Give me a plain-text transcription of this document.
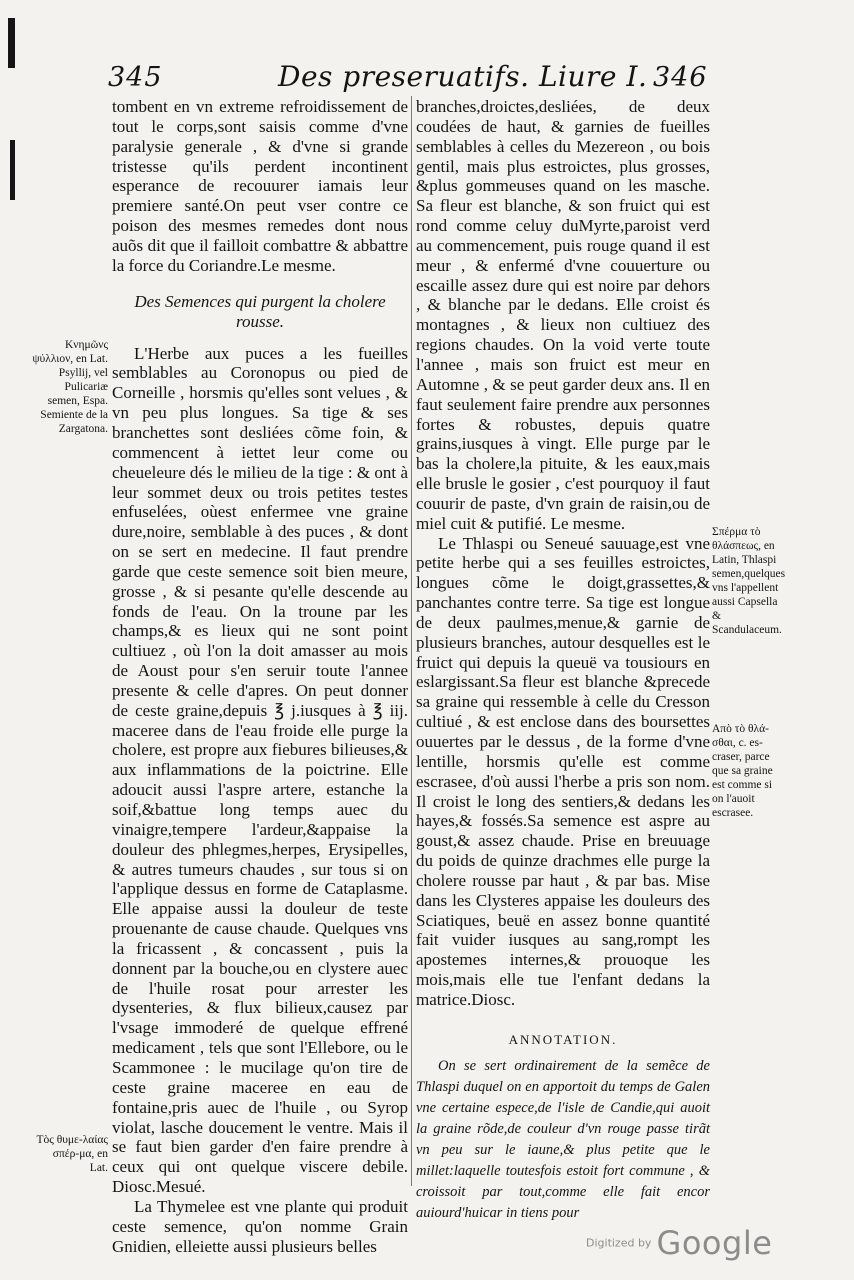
345	Des preseruatifs. Liure I. 346

tombent en vn extreme refroidissement de tout le corps,sont saisis comme d'vne paralysie generale , & d'vne si grande tristesse qu'ils perdent incontinent esperance de recouurer iamais leur premiere santé.On peut vser contre ce poison des mesmes remedes dont nous auõs dit que il failloit combattre & abbattre la force du Coriandre.Le mesme.

Des Semences qui purgent la cholere rousse.

L'Herbe aux puces a les fueilles semblables au Coronopus ou pied de Corneille , horsmis qu'elles sont velues , & vn peu plus longues. Sa tige & ses branchettes sont desliées cõme foin, & commencent à iettet leur come ou cheueleure dés le milieu de la tige : & ont à leur sommet deux ou trois petites testes enfuselées, oùest enfermee vne graine dure,noire, semblable à des puces , & dont on se sert en medecine. Il faut prendre garde que ceste semence soit bien meure, grosse , & si pesante qu'elle descende au fonds de l'eau. On la troune par les champs,& es lieux qui ne sont point cultiuez , où l'on la doit amasser au mois de Aoust pour s'en seruir toute l'annee presente & celle d'apres. On peut donner de ceste graine,depuis ℥ j.iusques à ℥ iij. maceree dans de l'eau froide elle purge la cholere, est propre aux fiebures bilieuses,& aux inflammations de la poictrine. Elle adoucit aussi l'aspre artere, estanche la soif,&battue long temps auec du vinaigre,tempere l'ardeur,&appaise la douleur des phlegmes,herpes, Erysipelles, & autres tumeurs chaudes , sur tous si on l'applique dessus en forme de Cataplasme. Elle appaise aussi la douleur de teste prouenante de cause chaude. Quelques vns la fricassent , & concassent , puis la donnent par la bouche,ou en clystere auec de l'huile rosat pour arrester les dysenteries, & flux bilieux,causez par l'vsage immoderé de quelque effrené medicament , tels que sont l'Ellebore, ou le Scammonee : le mucilage qu'on tire de ceste graine maceree en eau de fontaine,pris auec de l'huile , ou Syrop violat, lasche doucement le ventre. Mais il se faut bien garder d'en faire prendre à ceux qui ont quelque viscere debile. Diosc.Mesué.

La Thymelee est vne plante qui produit ceste semence, qu'on nomme Grain Gnidien, elleiette aussi plusieurs belles

branches,droictes,desliées, de deux coudées de haut, & garnies de fueilles semblables à celles du Mezereon , ou bois gentil, mais plus estroictes, plus grosses, &plus gommeuses quand on les masche. Sa fleur est blanche, & son fruict qui est rond comme celuy duMyrte,paroist verd au commencement, puis rouge quand il est meur , & enfermé d'vne couuerture ou escaille assez dure qui est noire par dehors , & blanche par le dedans. Elle croist és montagnes , & lieux non cultiuez des regions chaudes. On la void verte toute l'annee , mais son fruict est meur en Automne , & se peut garder deux ans. Il en faut seulement faire prendre aux personnes fortes & robustes, depuis quatre grains,iusques à vingt. Elle purge par le bas la cholere,la pituite, & les eaux,mais elle brusle le gosier , c'est pourquoy il faut couurir de paste, d'vn grain de raisin,ou de miel cuit & putifié. Le mesme.

Le Thlaspi ou Seneué sauuage,est vne petite herbe qui a ses feuilles estroictes, longues cõme le doigt,grassettes,& panchantes contre terre. Sa tige est longue de deux paulmes,menue,& garnie de plusieurs branches, autour desquelles est le fruict qui depuis la queuë va tousiours en eslargissant.Sa fleur est blanche &precede sa graine qui ressemble à celle du Cresson cultiué , & est enclose dans des boursettes ouuertes par le dessus , de la forme d'vne lentille, horsmis qu'elle est comme escrasee, d'où aussi l'herbe a pris son nom. Il croist le long des sentiers,& dedans les hayes,& fossés.Sa semence est aspre au goust,& assez chaude. Prise en breuuage du poids de quinze drachmes elle purge la cholere rousse par haut , & par bas. Mise dans les Clysteres appaise les douleurs des Sciatiques, beuë en assez bonne quantité fait vuider iusques au sang,rompt les apostemes internes,& prouoque les mois,mais elle tue l'enfant dedans la matrice.Diosc.

ANNOTATION.

On se sert ordinairement de la semẽce de Thlaspi duquel on en apportoit du temps de Galen vne certaine espece,de l'isle de Candie,qui auoit la graine rõde,de couleur d'vn rouge passe tirãt vn peu sur le iaune,& plus petite que le millet:laquelle toutesfois estoit fort commune , & croissoit par tout,comme elle fait encor auiourd'huicar in tiens pour

Κνημῶνς ψύλλιον, en Lat. Psyllij, vel Pulicariæ semen, Espa. Semiente de la Zargatona.
Τὸς θυμε-λαίας σπέρ-μα, en Lat.
Σπέρμα τὸ θλάσπεως, en Latin, Thlaspi semen,quelques vns l'appellent aussi Capsella & Scandulaceum.
Απὸ τὸ θλά-σθαι, c. es-craser, parce que sa graine est comme si on l'auoit escrasee.
Digitized by Google
